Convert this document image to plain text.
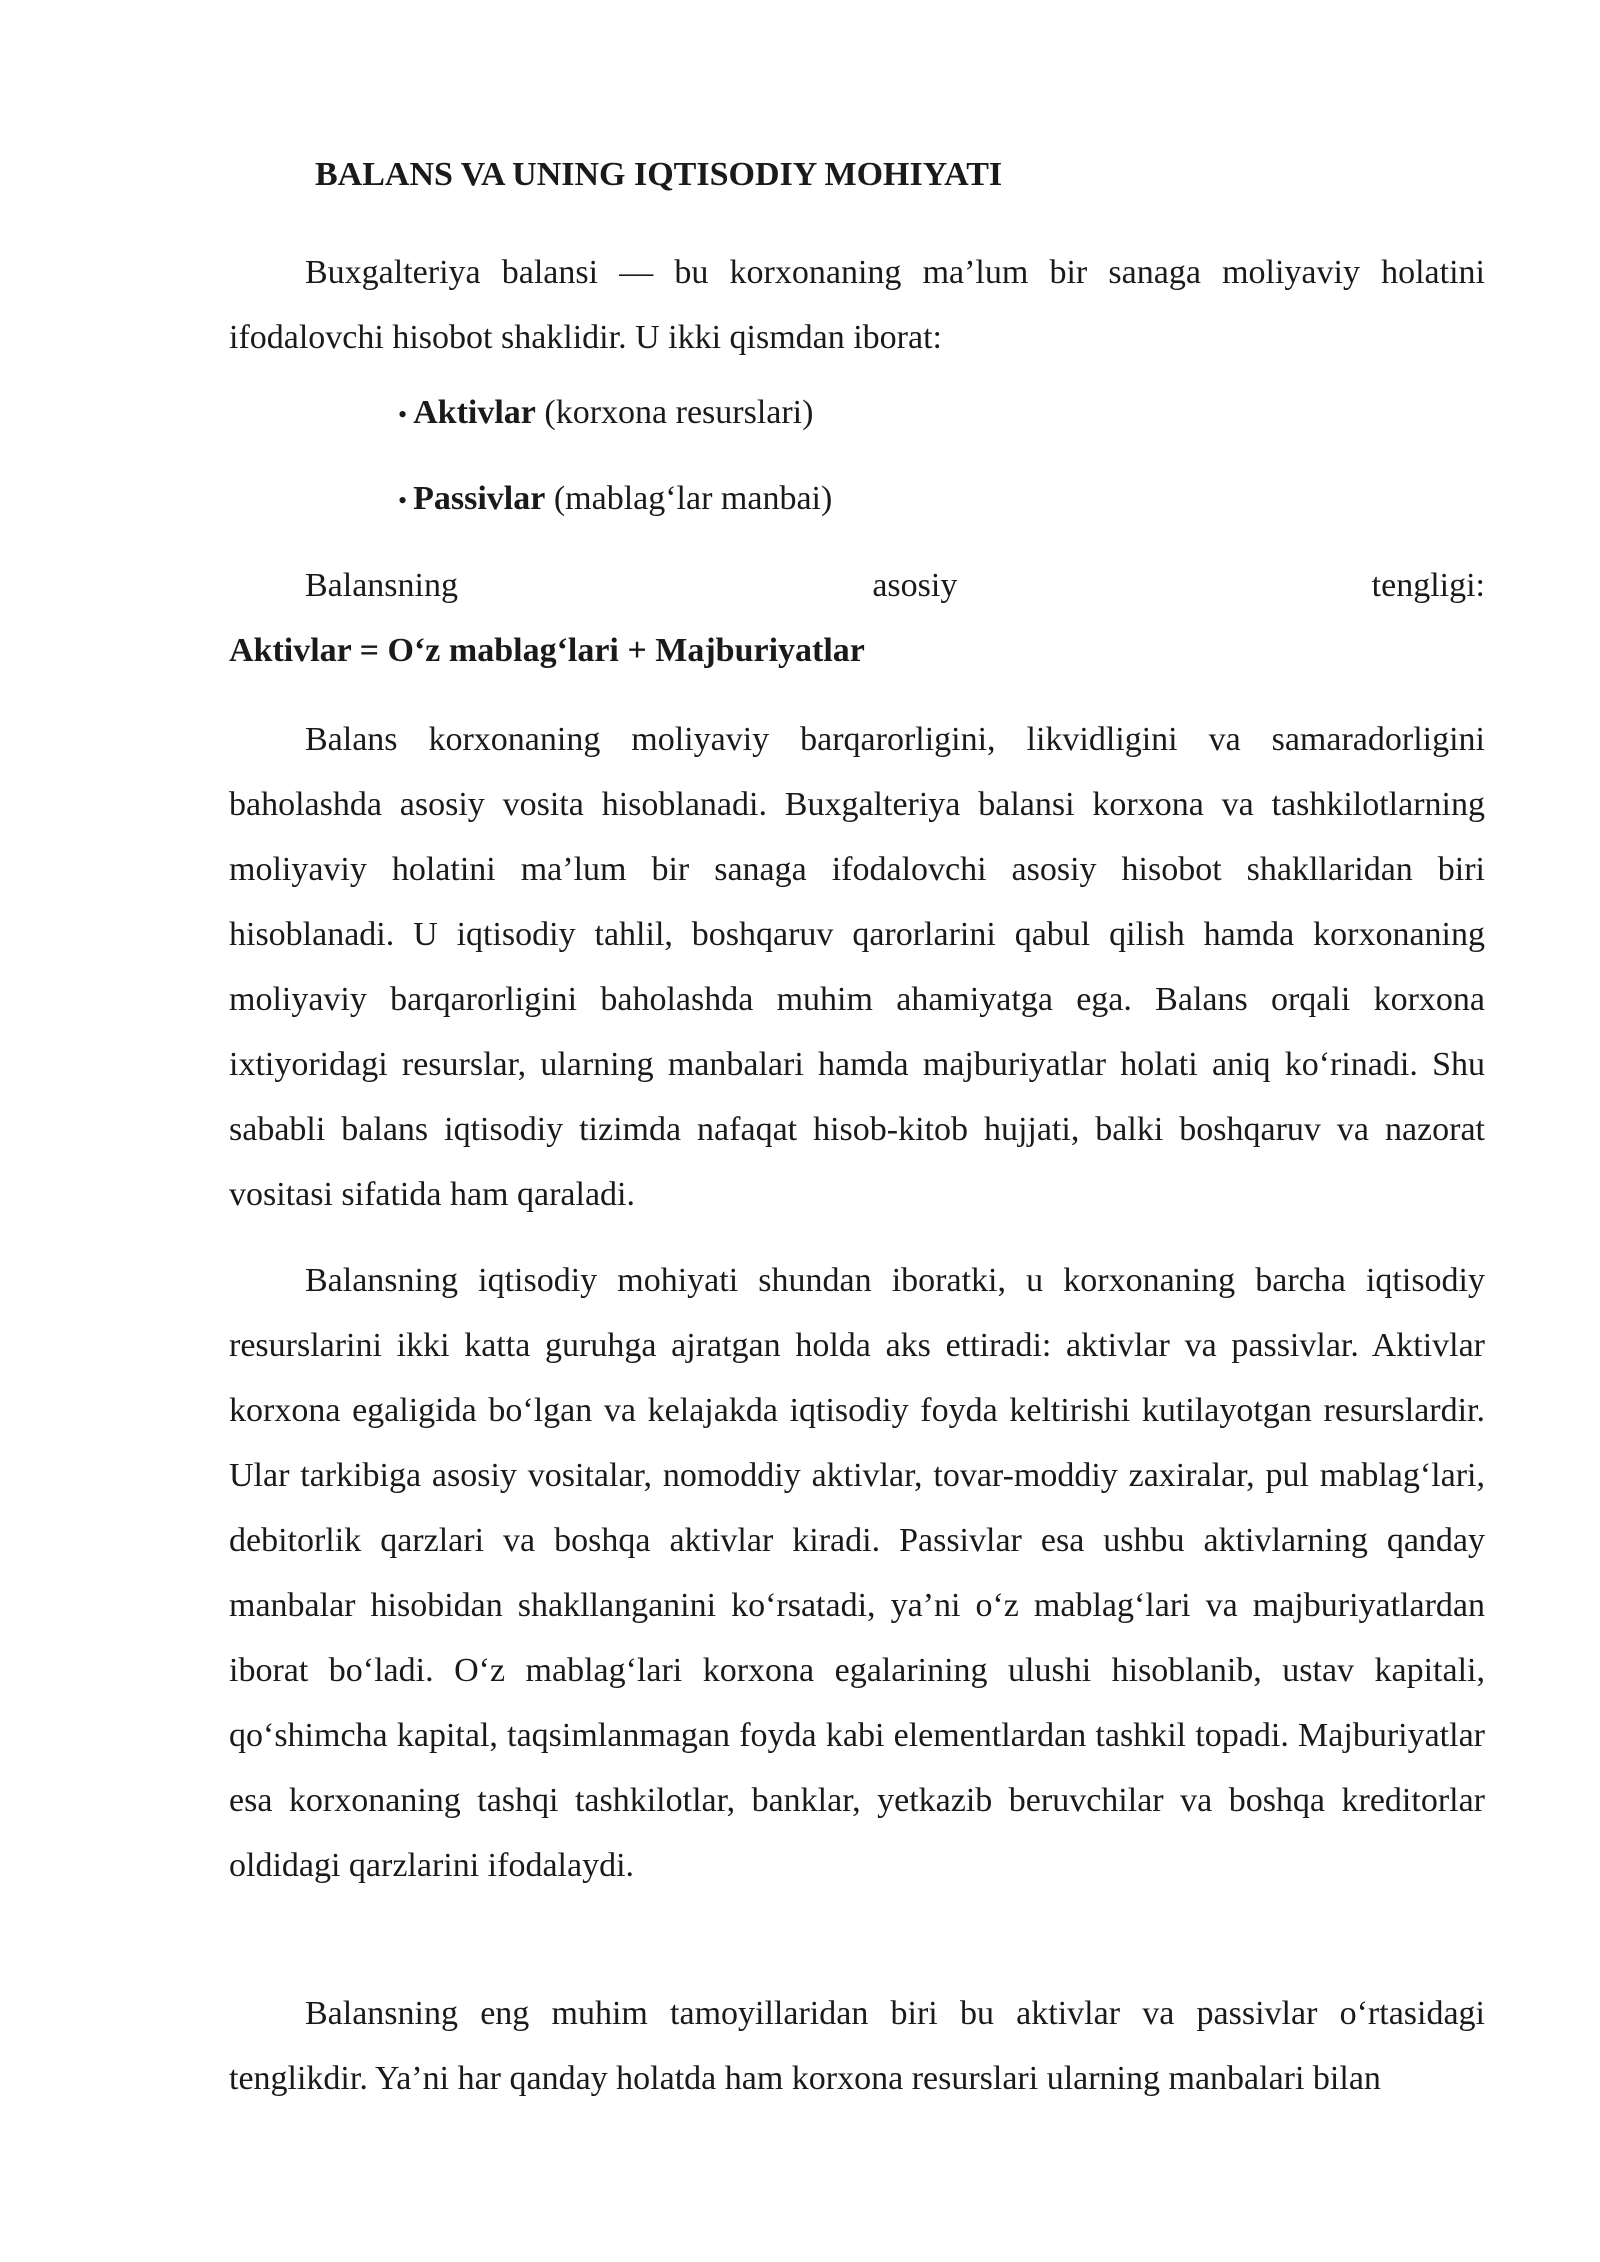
BALANS VA UNING IQTISODIY MOHIYATI

Buxgalteriya balansi — bu korxonaning ma’lum bir sanaga moliyaviy holatini ifodalovchi hisobot shaklidir. U ikki qismdan iborat:

• Aktivlar (korxona resurslari)

• Passivlar (mablag‘lar manbai)

Balansning	asosiy	tengligi:

Aktivlar = O‘z mablag‘lari + Majburiyatlar

Balans korxonaning moliyaviy barqarorligini, likvidligini va samaradorligini baholashda asosiy vosita hisoblanadi. Buxgalteriya balansi korxona va tashkilotlarning moliyaviy holatini ma’lum bir sanaga ifodalovchi asosiy hisobot shakllaridan biri hisoblanadi. U iqtisodiy tahlil, boshqaruv qarorlarini qabul qilish hamda korxonaning moliyaviy barqarorligini baholashda muhim ahamiyatga ega. Balans orqali korxona ixtiyoridagi resurslar, ularning manbalari hamda majburiyatlar holati aniq ko‘rinadi. Shu sababli balans iqtisodiy tizimda nafaqat hisob-kitob hujjati, balki boshqaruv va nazorat vositasi sifatida ham qaraladi.

Balansning iqtisodiy mohiyati shundan iboratki, u korxonaning barcha iqtisodiy resurslarini ikki katta guruhga ajratgan holda aks ettiradi: aktivlar va passivlar. Aktivlar korxona egaligida bo‘lgan va kelajakda iqtisodiy foyda keltirishi kutilayotgan resurslardir. Ular tarkibiga asosiy vositalar, nomoddiy aktivlar, tovar-moddiy zaxiralar, pul mablag‘lari, debitorlik qarzlari va boshqa aktivlar kiradi. Passivlar esa ushbu aktivlarning qanday manbalar hisobidan shakllanganini ko‘rsatadi, ya’ni o‘z mablag‘lari va majburiyatlardan iborat bo‘ladi. O‘z mablag‘lari korxona egalarining ulushi hisoblanib, ustav kapitali, qo‘shimcha kapital, taqsimlanmagan foyda kabi elementlardan tashkil topadi. Majburiyatlar esa korxonaning tashqi tashkilotlar, banklar, yetkazib beruvchilar va boshqa kreditorlar oldidagi qarzlarini ifodalaydi.

Balansning eng muhim tamoyillaridan biri bu aktivlar va passivlar o‘rtasidagi tenglikdir. Ya’ni har qanday holatda ham korxona resurslari ularning manbalari bilan
